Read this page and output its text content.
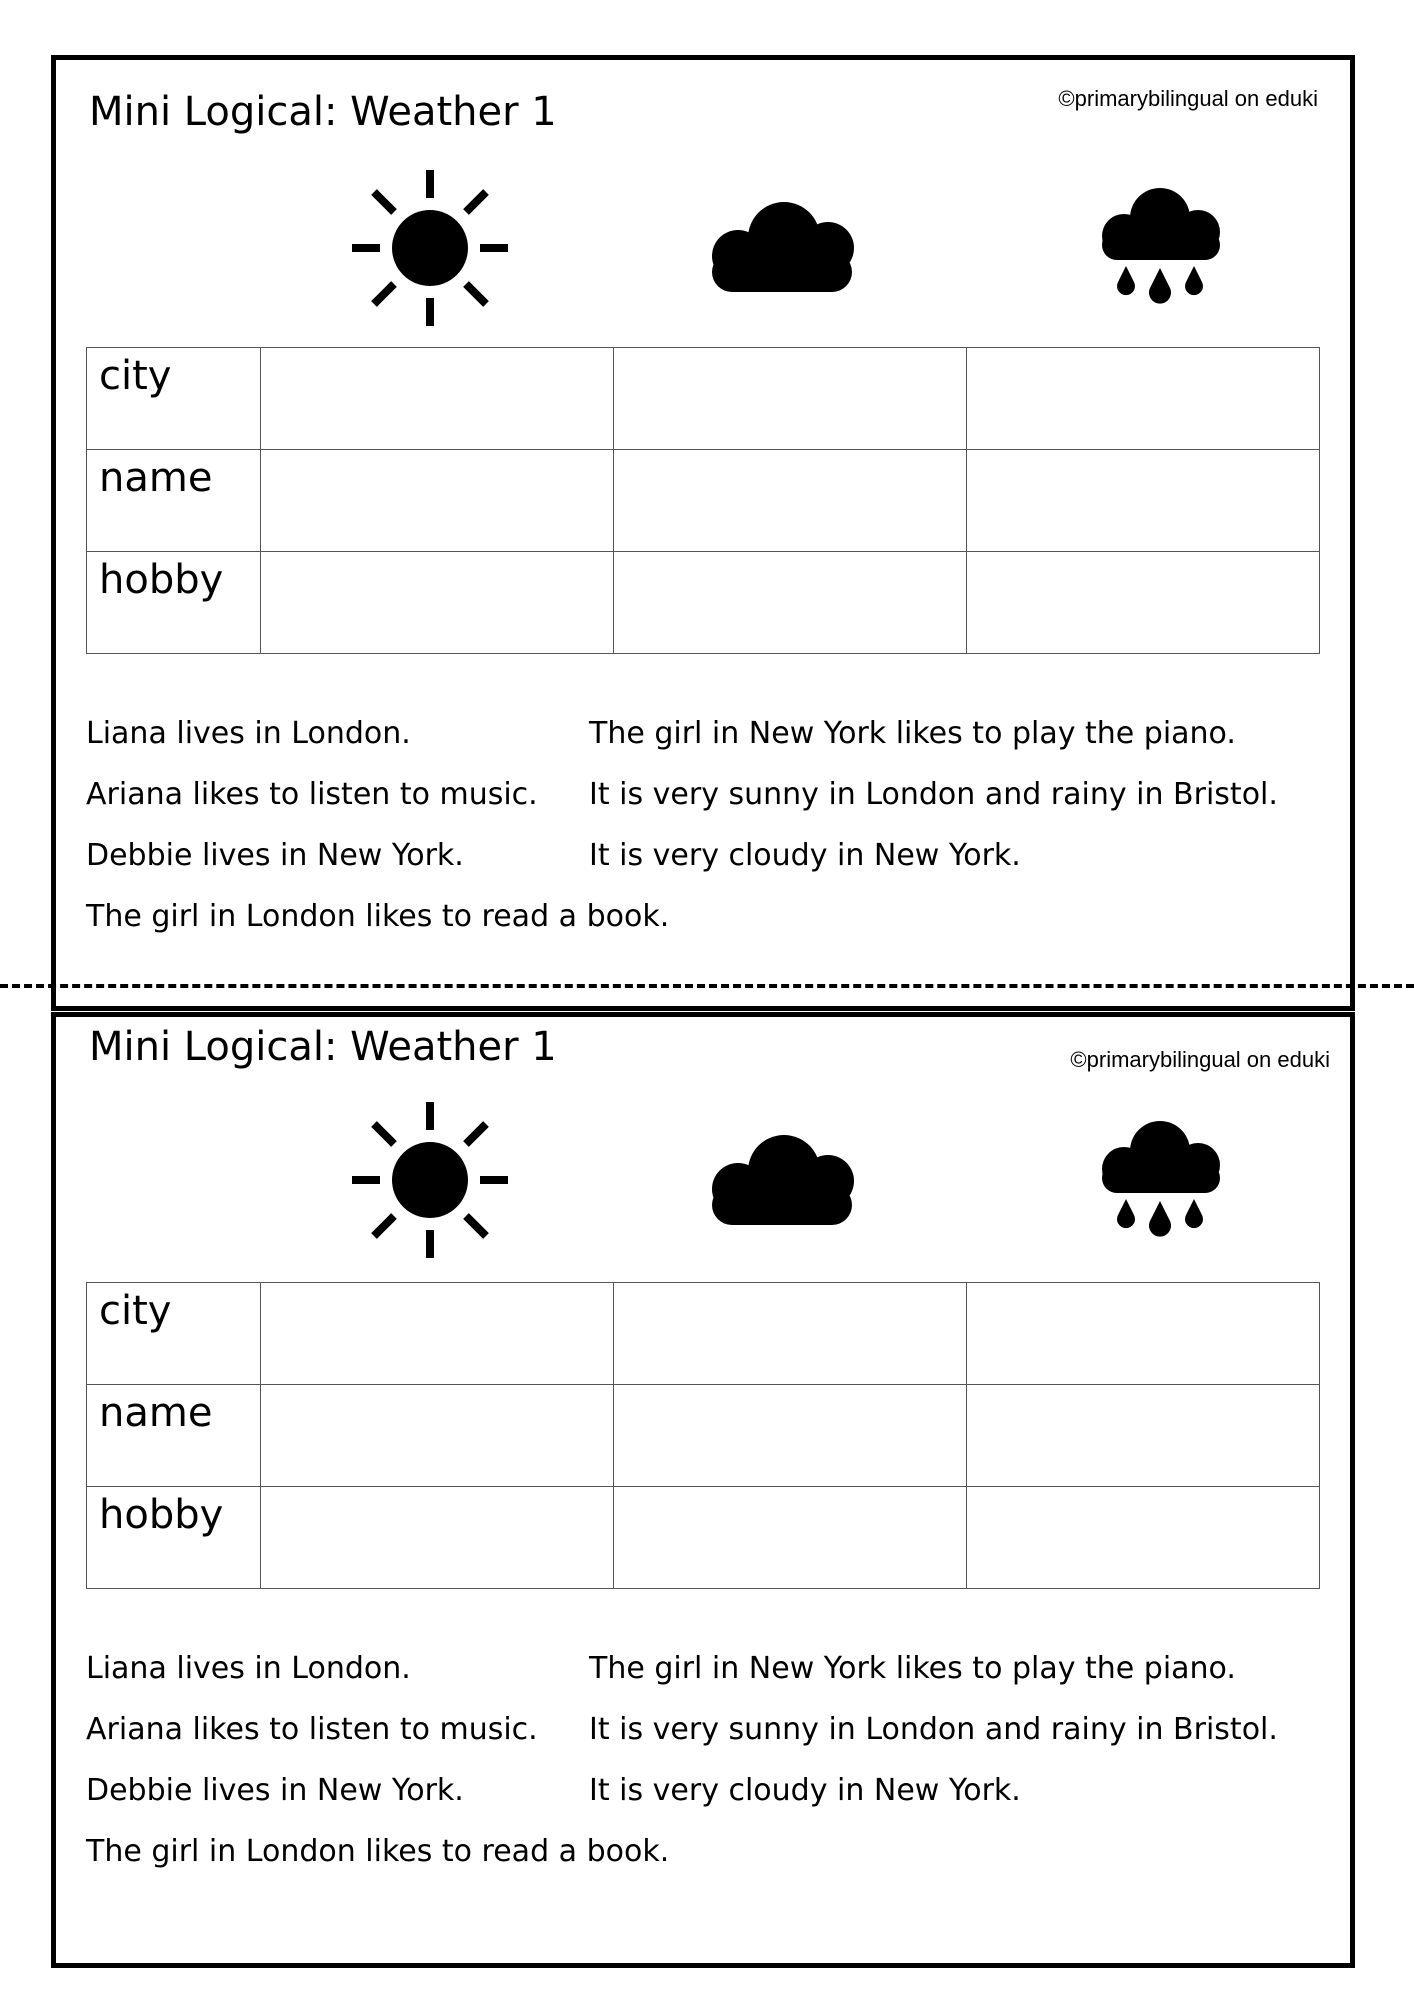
Mini Logical: Weather 1	©primarybilingual on eduki
city			
name			
hobby			
Liana lives in London.
Ariana likes to listen to music.
Debbie lives in New York.
The girl in London likes to read a book.
The girl in New York likes to play the piano.
It is very sunny in London and rainy in Bristol.
It is very cloudy in New York.
Mini Logical: Weather 1	©primarybilingual on eduki
city			
name			
hobby			
Liana lives in London.
Ariana likes to listen to music.
Debbie lives in New York.
The girl in London likes to read a book.
The girl in New York likes to play the piano.
It is very sunny in London and rainy in Bristol.
It is very cloudy in New York.
